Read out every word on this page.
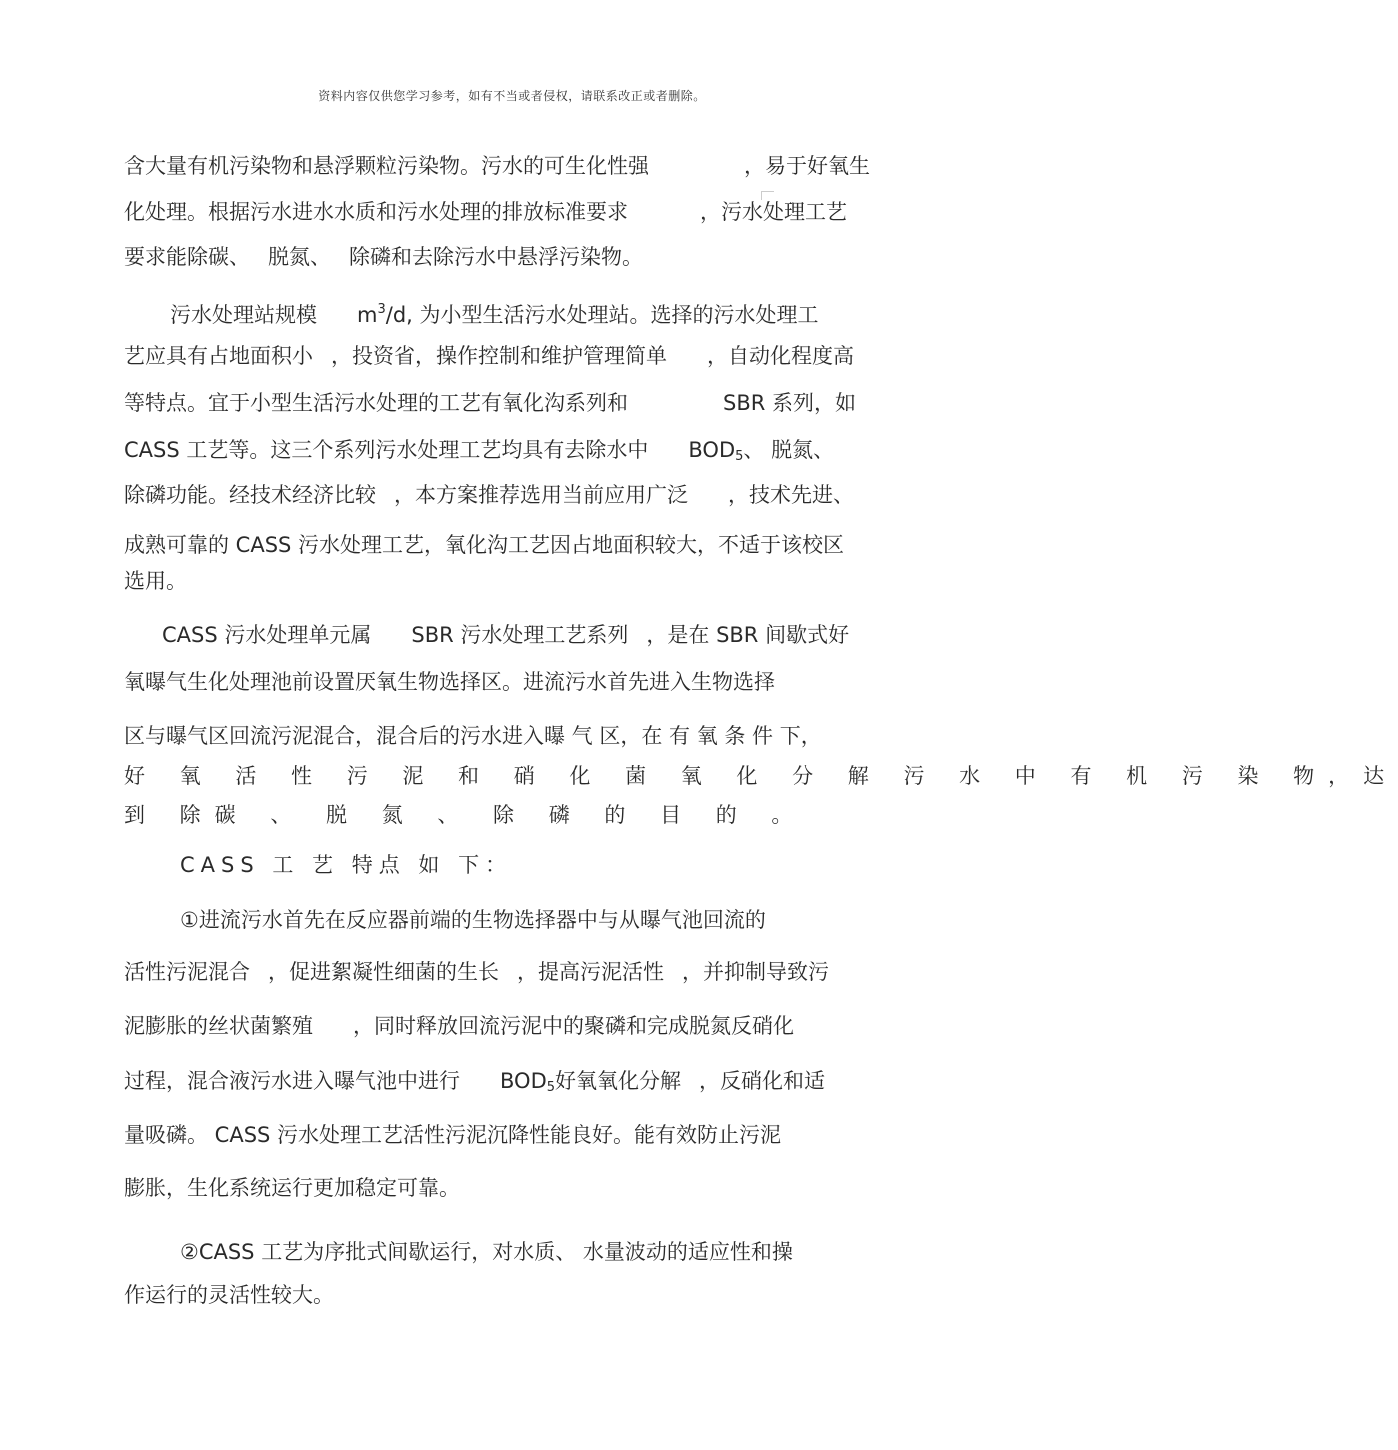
资料内容仅供您学习参考，如有不当或者侵权，请联系改正或者删除。
含大量有机污染物和悬浮颗粒污染物。污水的可生化性强	，易于好氧生
化处理。根据污水进水水质和污水处理的排放标准要求	，污水处理工艺
要求能除碳、 脱氮、 除磷和去除污水中悬浮污染物。
污水处理站规模 $m^3/d$, 为小型生活污水处理站。选择的污水处理工
艺应具有占地面积小 ，投资省，操作控制和维护管理简单 ，自动化程度高
等特点。宜于小型生活污水处理的工艺有氧化沟系列和	SBR 系列，如
CASS 工艺等。这三个系列污水处理工艺均具有去除水中 $BOD_5$、 脱氮、
除磷功能。经技术经济比较 ，本方案推荐选用当前应用广泛 ，技术先进、
成熟可靠的 CASS 污水处理工艺，氧化沟工艺因占地面积较大，不适于该校区
选用。
CASS 污水处理单元属 SBR 污水处理工艺系列 ，是在 SBR 间歇式好
氧曝气生化处理池前设置厌氧生物选择区。进流污水首先进入生物选择
区与曝气区回流污泥混合，混合后的污水进入曝 气 区，在 有 氧 条 件 下，
好 氧 活 性 污 泥 和 硝 化 菌 氧 化 分 解 污 水 中 有 机 污 染 物，达
到 除碳 、 脱 氮 、 除 磷 的 目 的 。
CASS 工 艺 特点 如 下：
①进流污水首先在反应器前端的生物选择器中与从曝气池回流的
活性污泥混合 ，促进絮凝性细菌的生长 ，提高污泥活性 ，并抑制导致污
泥膨胀的丝状菌繁殖 ，同时释放回流污泥中的聚磷和完成脱氮反硝化
过程，混合液污水进入曝气池中进行 $BOD_5$好氧氧化分解 ，反硝化和适
量吸磷。 CASS 污水处理工艺活性污泥沉降性能良好。能有效防止污泥
膨胀，生化系统运行更加稳定可靠。
②CASS 工艺为序批式间歇运行，对水质、 水量波动的适应性和操
作运行的灵活性较大。
